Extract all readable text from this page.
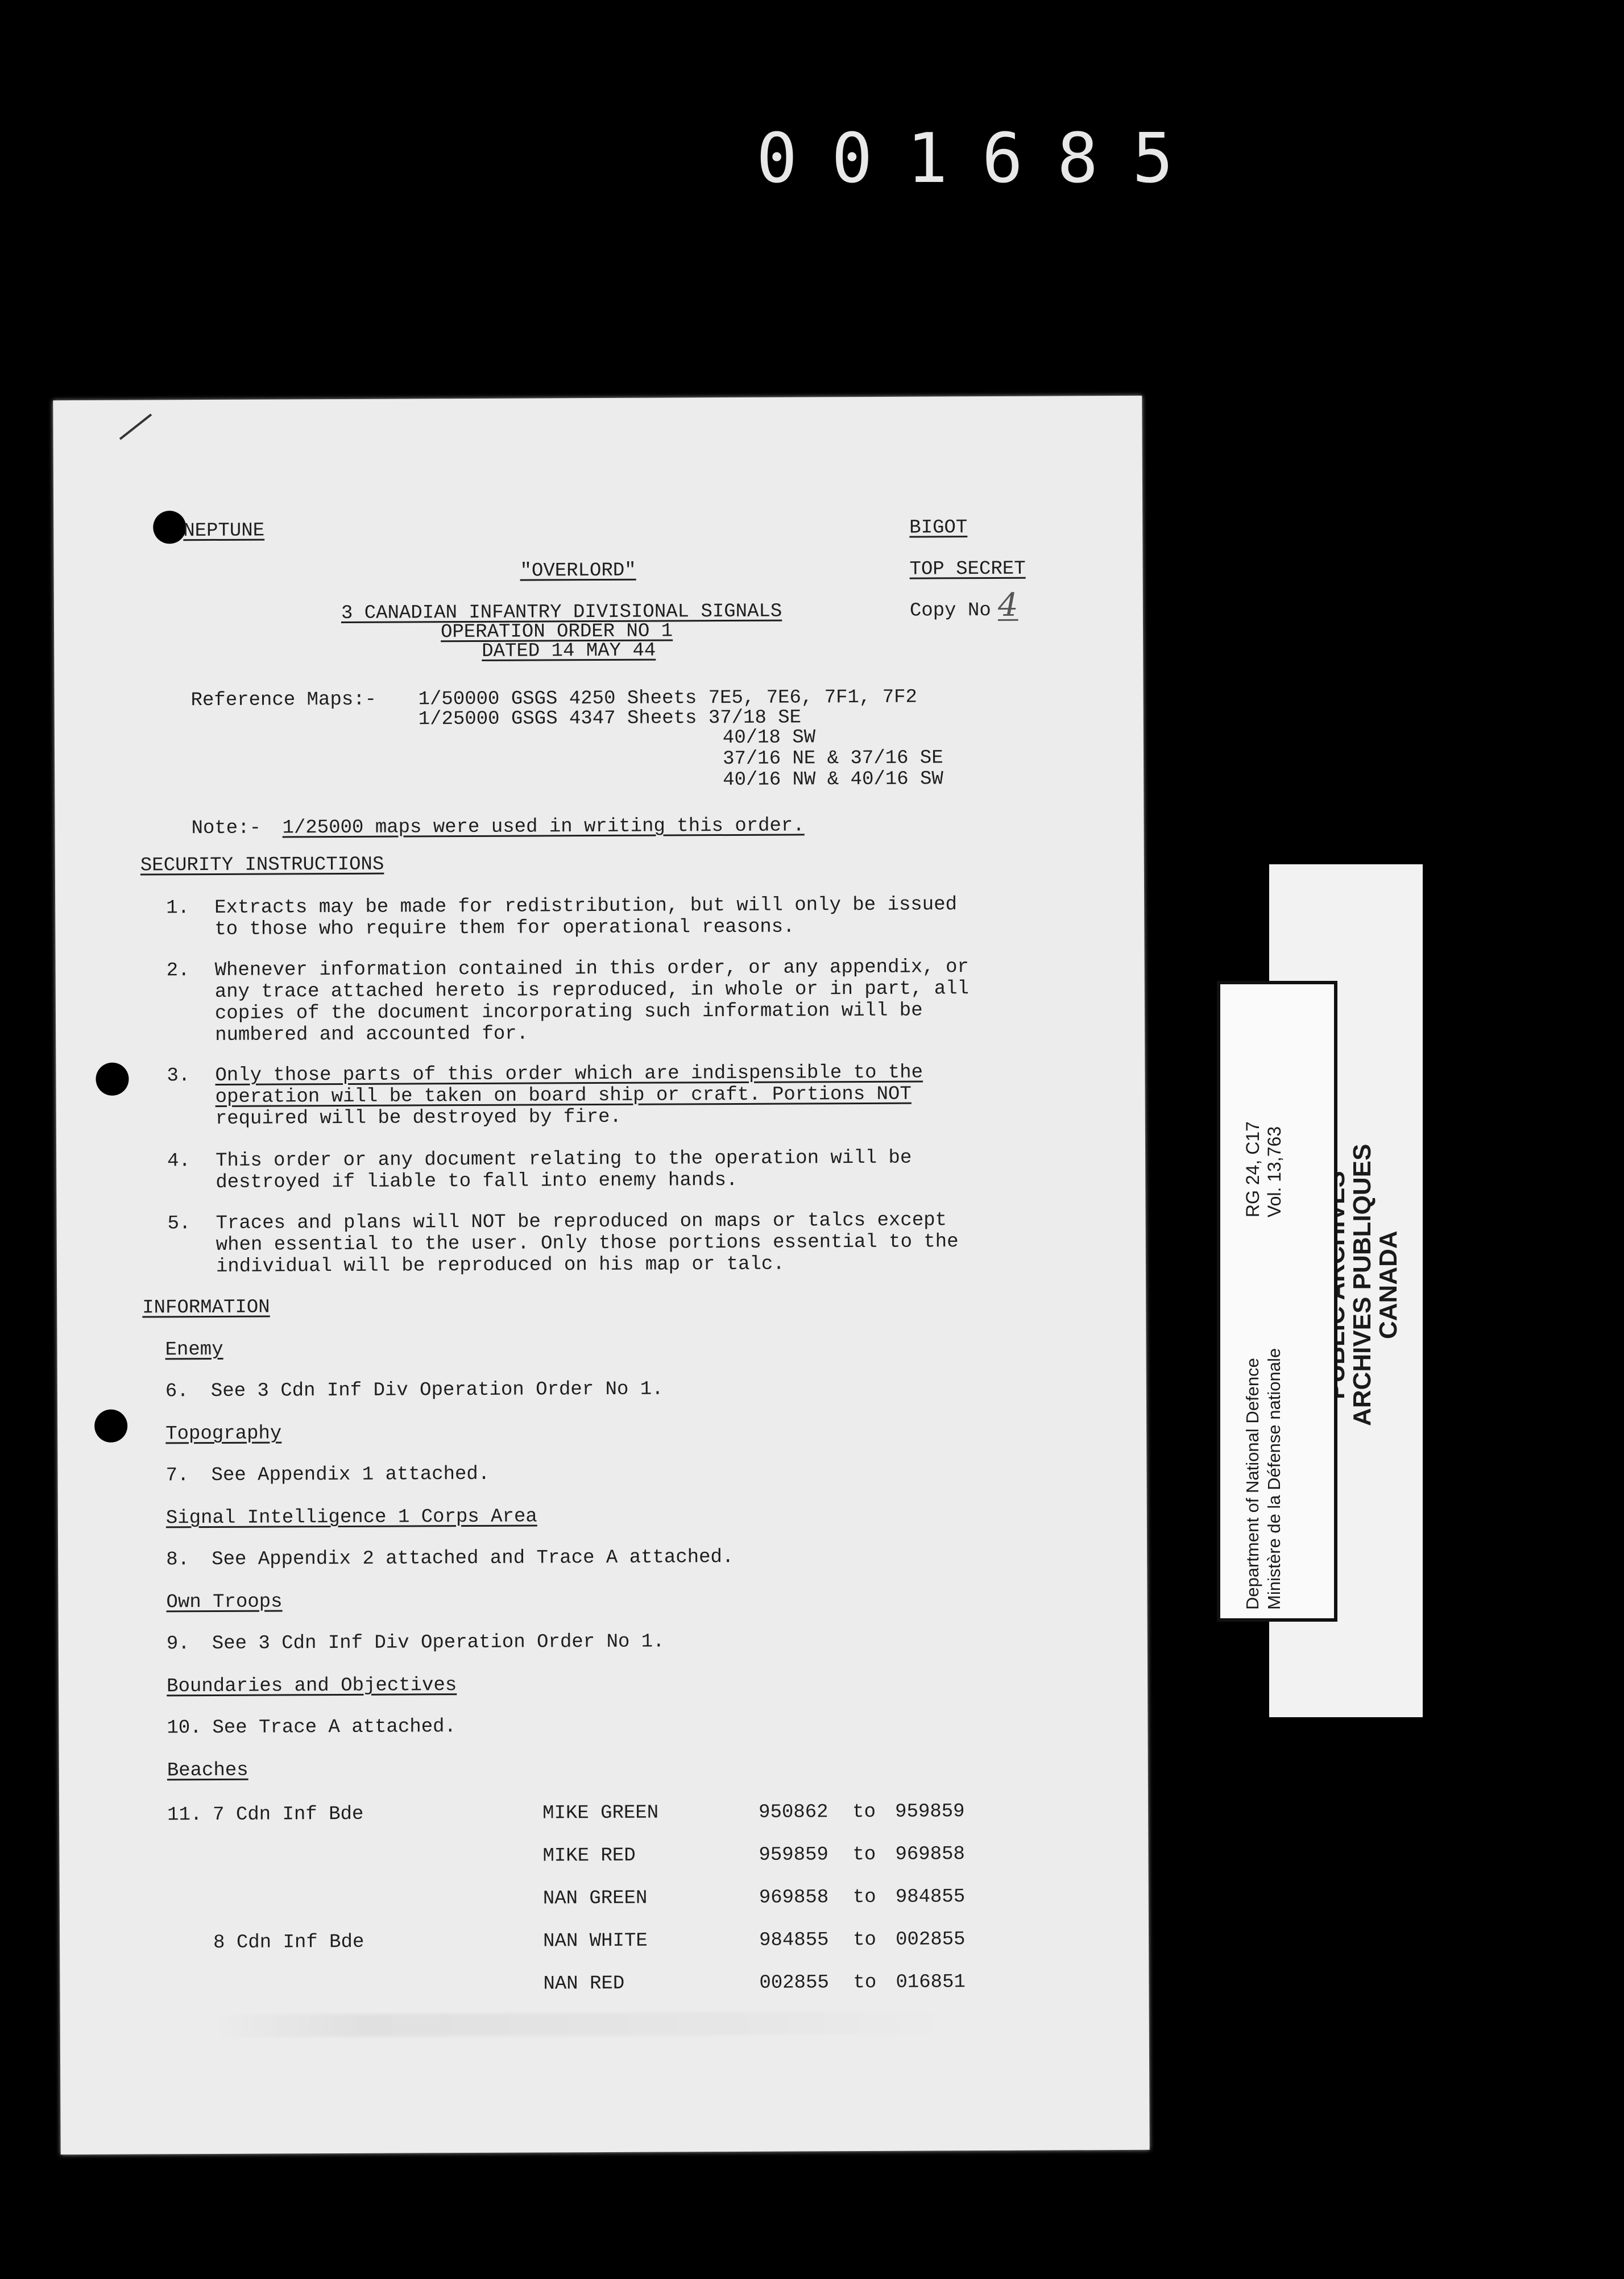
001685
NEPTUNE	BIGOT
TOP SECRET
Copy No 4
"OVERLORD"
3 CANADIAN INFANTRY DIVISIONAL SIGNALS
OPERATION ORDER NO 1
DATED 14 MAY 44
Reference Maps:- 1/50000 GSGS 4250 Sheets 7E5, 7E6, 7F1, 7F2
1/25000 GSGS 4347 Sheets 37/18 SE
40/18 SW
37/16 NE & 37/16 SE
40/16 NW & 40/16 SW
Note:- 1/25000 maps were used in writing this order.
SECURITY INSTRUCTIONS
1. Extracts may be made for redistribution, but will only be issued
to those who require them for operational reasons.
2. Whenever information contained in this order, or any appendix, or
any trace attached hereto is reproduced, in whole or in part, all
copies of the document incorporating such information will be
numbered and accounted for.
3. Only those parts of this order which are indispensible to the
operation will be taken on board ship or craft. Portions NOT
required will be destroyed by fire.
4. This order or any document relating to the operation will be
destroyed if liable to fall into enemy hands.
5. Traces and plans will NOT be reproduced on maps or talcs except
when essential to the user. Only those portions essential to the
individual will be reproduced on his map or talc.
INFORMATION
Enemy
6. See 3 Cdn Inf Div Operation Order No 1.
Topography
7. See Appendix 1 attached.
Signal Intelligence 1 Corps Area
8. See Appendix 2 attached and Trace A attached.
Own Troops
9. See 3 Cdn Inf Div Operation Order No 1.
Boundaries and Objectives
10. See Trace A attached.
Beaches
11. 7 Cdn Inf Bde	MIKE GREEN	950862 to 959859
MIKE RED	959859 to 969858
NAN GREEN	969858 to 984855
8 Cdn Inf Bde	NAN WHITE	984855 to 002855
NAN RED	002855 to 016851
ARCHIVES PUBLIQUES
CANADA
RG 24, C17 Vol. 13,763
Department of National Defence Ministère de la Défense nationale
